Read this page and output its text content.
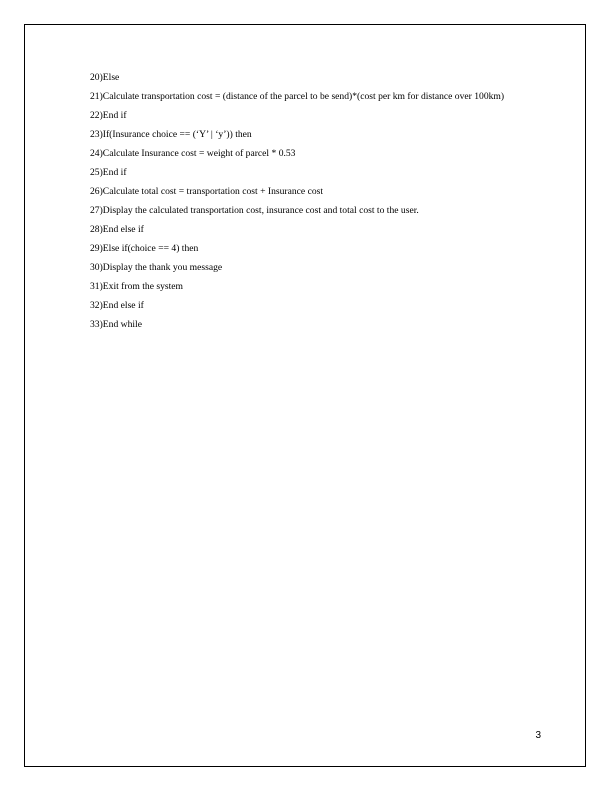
20) Else
21) Calculate transportation cost = (distance of the parcel to be send)*(cost per km for distance over 100km)
22) End if
23) If(Insurance choice == (‘Y’ | ‘y’)) then
24) Calculate Insurance cost = weight of parcel * 0.53
25) End if
26) Calculate total cost = transportation cost + Insurance cost
27) Display the calculated transportation cost, insurance cost and total cost to the user.
28) End else if
29) Else if(choice == 4) then
30) Display the thank you message
31) Exit from the system
32) End else if
33) End while
3
